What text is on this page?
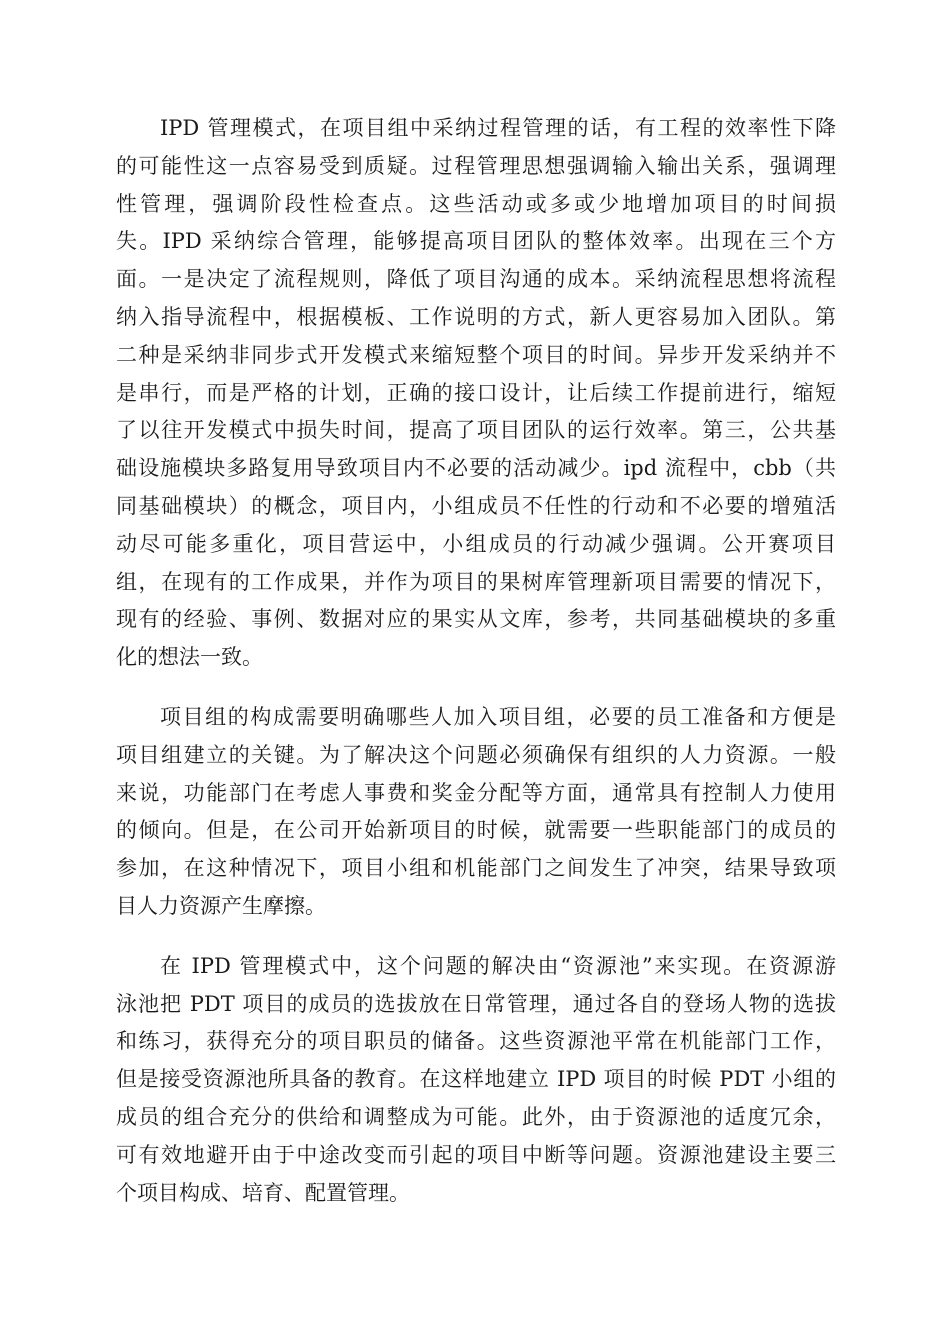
IPD 管理模式，在项目组中采纳过程管理的话，有工程的效率性下降
的可能性这一点容易受到质疑。过程管理思想强调输入输出关系，强调理
性管理，强调阶段性检查点。这些活动或多或少地增加项目的时间损
失。IPD 采纳综合管理，能够提高项目团队的整体效率。出现在三个方
面。一是决定了流程规则，降低了项目沟通的成本。采纳流程思想将流程
纳入指导流程中，根据模板、工作说明的方式，新人更容易加入团队。第
二种是采纳非同步式开发模式来缩短整个项目的时间。异步开发采纳并不
是串行，而是严格的计划，正确的接口设计，让后续工作提前进行，缩短
了以往开发模式中损失时间，提高了项目团队的运行效率。第三，公共基
础设施模块多路复用导致项目内不必要的活动减少。ipd 流程中，cbb（共
同基础模块）的概念，项目内，小组成员不任性的行动和不必要的增殖活
动尽可能多重化，项目营运中，小组成员的行动减少强调。公开赛项目
组，在现有的工作成果，并作为项目的果树库管理新项目需要的情况下，
现有的经验、事例、数据对应的果实从文库，参考，共同基础模块的多重
化的想法一致。
项目组的构成需要明确哪些人加入项目组，必要的员工准备和方便是
项目组建立的关键。为了解决这个问题必须确保有组织的人力资源。一般
来说，功能部门在考虑人事费和奖金分配等方面，通常具有控制人力使用
的倾向。但是，在公司开始新项目的时候，就需要一些职能部门的成员的
参加，在这种情况下，项目小组和机能部门之间发生了冲突，结果导致项
目人力资源产生摩擦。
在 IPD 管理模式中，这个问题的解决由“资源池”来实现。在资源游
泳池把 PDT 项目的成员的选拔放在日常管理，通过各自的登场人物的选拔
和练习，获得充分的项目职员的储备。这些资源池平常在机能部门工作，
但是接受资源池所具备的教育。在这样地建立 IPD 项目的时候 PDT 小组的
成员的组合充分的供给和调整成为可能。此外，由于资源池的适度冗余，
可有效地避开由于中途改变而引起的项目中断等问题。资源池建设主要三
个项目构成、培育、配置管理。
